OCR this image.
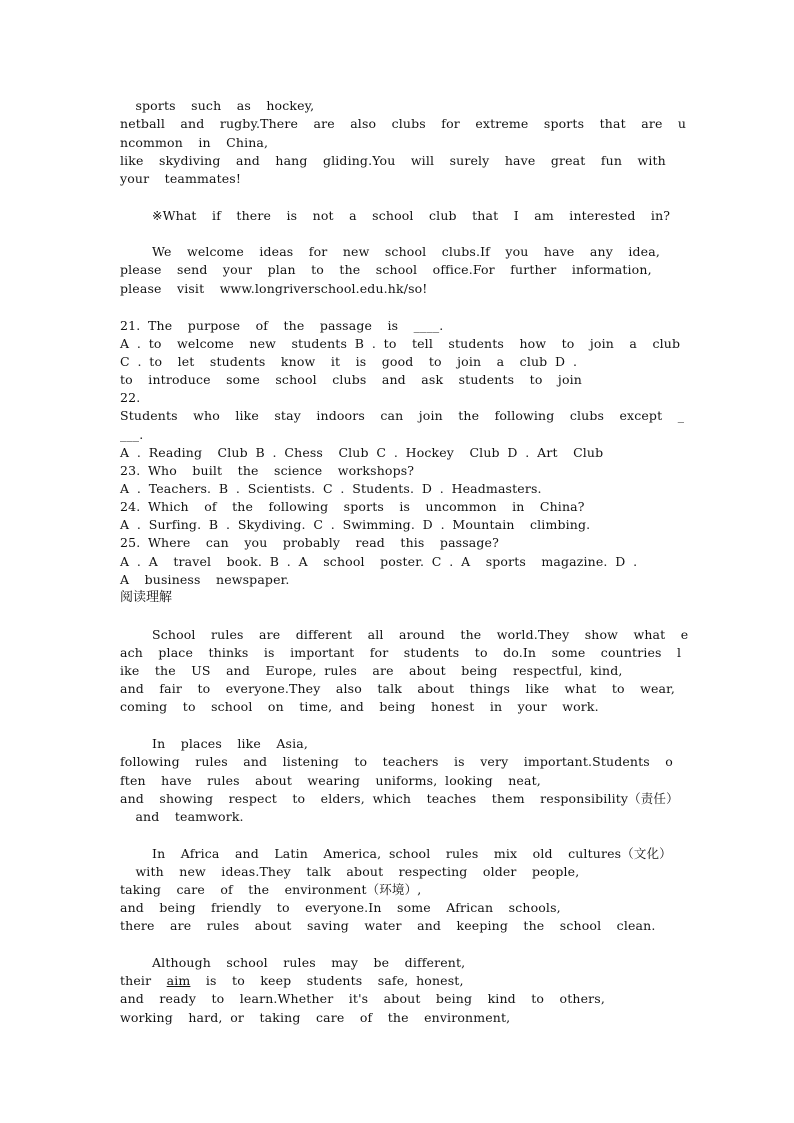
sports  such  as  hockey,
netball  and  rugby.There  are  also  clubs  for  extreme  sports  that  are  u
ncommon  in  China,
like  skydiving  and  hang  gliding.You  will  surely  have  great  fun  with
your  teammates!
※What  if  there  is  not  a  school  club  that  I  am  interested  in?
We  welcome  ideas  for  new  school  clubs.If  you  have  any  idea,
please  send  your  plan  to  the  school  office.For  further  information,
please  visit  www.longriverschool.edu.hk/so!
21. The  purpose  of  the  passage  is  ____.
A . to  welcome  new  students B . to  tell  students  how  to  join  a  club
C . to  let  students  know  it  is  good  to  join  a  club D .
to  introduce  some  school  clubs  and  ask  students  to  join
22.
Students  who  like  stay  indoors  can  join  the  following  clubs  except  _
___.
A . Reading  Club B . Chess  Club C . Hockey  Club D . Art  Club
23. Who  built  the  science  workshops?
A . Teachers. B . Scientists. C . Students. D . Headmasters.
24. Which  of  the  following  sports  is  uncommon  in  China?
A . Surfing. B . Skydiving. C . Swimming. D . Mountain  climbing.
25. Where  can  you  probably  read  this  passage?
A . A  travel  book. B . A  school  poster. C . A  sports  magazine. D .
A  business  newspaper.
阅读理解
School  rules  are  different  all  around  the  world.They  show  what  e
ach  place  thinks  is  important  for  students  to  do.In  some  countries  l
ike  the  US  and  Europe, rules  are  about  being  respectful, kind,
and  fair  to  everyone.They  also  talk  about  things  like  what  to  wear,
coming  to  school  on  time, and  being  honest  in  your  work.
In  places  like  Asia,
following  rules  and  listening  to  teachers  is  very  important.Students  o
ften  have  rules  about  wearing  uniforms, looking  neat,
and  showing  respect  to  elders, which  teaches  them  responsibility（责任）
and  teamwork.
In  Africa  and  Latin  America, school  rules  mix  old  cultures（文化）
with  new  ideas.They  talk  about  respecting  older  people,
taking  care  of  the  environment（环境）,
and  being  friendly  to  everyone.In  some  African  schools,
there  are  rules  about  saving  water  and  keeping  the  school  clean.
Although  school  rules  may  be  different,
their  aim  is  to  keep  students  safe, honest,
and  ready  to  learn.Whether  it's  about  being  kind  to  others,
working  hard, or  taking  care  of  the  environment,
